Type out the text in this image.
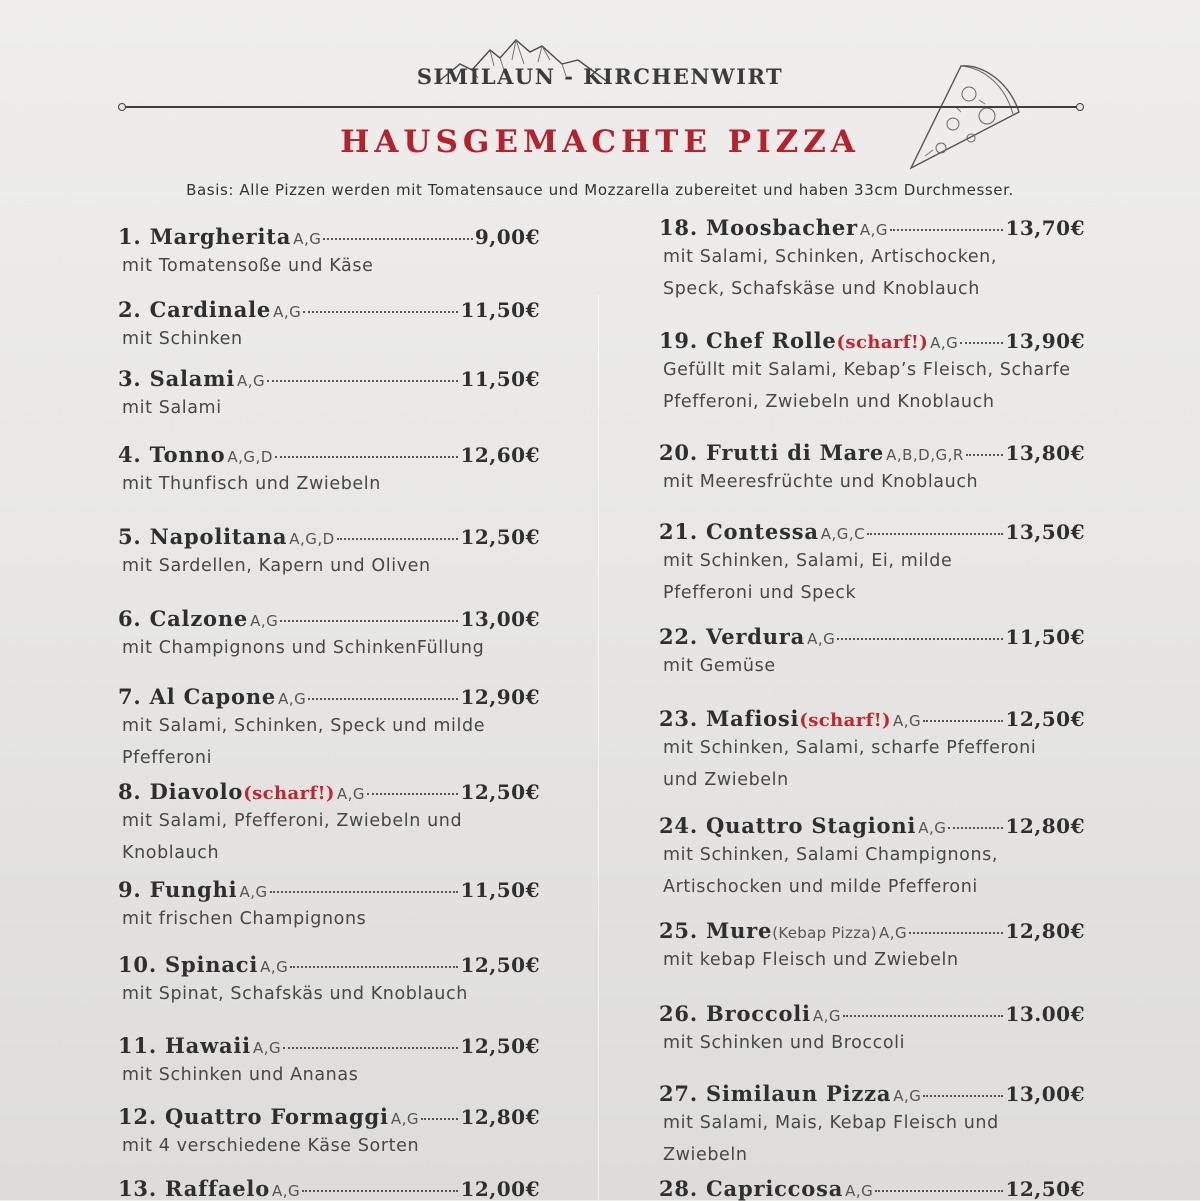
SIMILAUN - KIRCHENWIRT
HAUSGEMACHTE PIZZA
Basis: Alle Pizzen werden mit Tomatensauce und Mozzarella zubereitet und haben 33cm Durchmesser.
1. Margherita A,G	9,00€
mit Tomatensoße und Käse
2. Cardinale A,G	11,50€
mit Schinken
3. Salami A,G	11,50€
mit Salami
4. Tonno A,G,D	12,60€
mit Thunfisch und Zwiebeln
5. Napolitana A,G,D	12,50€
mit Sardellen, Kapern und Oliven
6. Calzone A,G	13,00€
mit Champignons und SchinkenFüllung
7. Al Capone A,G	12,90€
mit Salami, Schinken, Speck und milde
Pfefferoni
8. Diavolo (scharf!) A,G	12,50€
mit Salami, Pfefferoni, Zwiebeln und
Knoblauch
9. Funghi A,G	11,50€
mit frischen Champignons
10. Spinaci A,G	12,50€
mit Spinat, Schafskäs und Knoblauch
11. Hawaii A,G	12,50€
mit Schinken und Ananas
12. Quattro Formaggi A,G 12,80€
mit 4 verschiedene Käse Sorten
13. Raffaelo A,G	12,00€
18. Moosbacher A,G	13,70€
mit Salami, Schinken, Artischocken,
Speck, Schafskäse und Knoblauch
19. Chef Rolle (scharf!) A,G 13,90€
Gefüllt mit Salami, Kebap’s Fleisch, Scharfe
Pfefferoni, Zwiebeln und Knoblauch
20. Frutti di Mare A,B,D,G,R 13,80€
mit Meeresfrüchte und Knoblauch
21. Contessa A,G,C	13,50€
mit Schinken, Salami, Ei, milde
Pfefferoni und Speck
22. Verdura A,G	11,50€
mit Gemüse
23. Mafiosi (scharf!) A,G	12,50€
mit Schinken, Salami, scharfe Pfefferoni
und Zwiebeln
24. Quattro Stagioni A,G	12,80€
mit Schinken, Salami Champignons,
Artischocken und milde Pfefferoni
25. Mure (Kebap Pizza) A,G	12,80€
mit kebap Fleisch und Zwiebeln
26. Broccoli A,G	13.00€
mit Schinken und Broccoli
27. Similaun Pizza A,G	13,00€
mit Salami, Mais, Kebap Fleisch und
Zwiebeln
28. Capriccosa A,G	12,50€
